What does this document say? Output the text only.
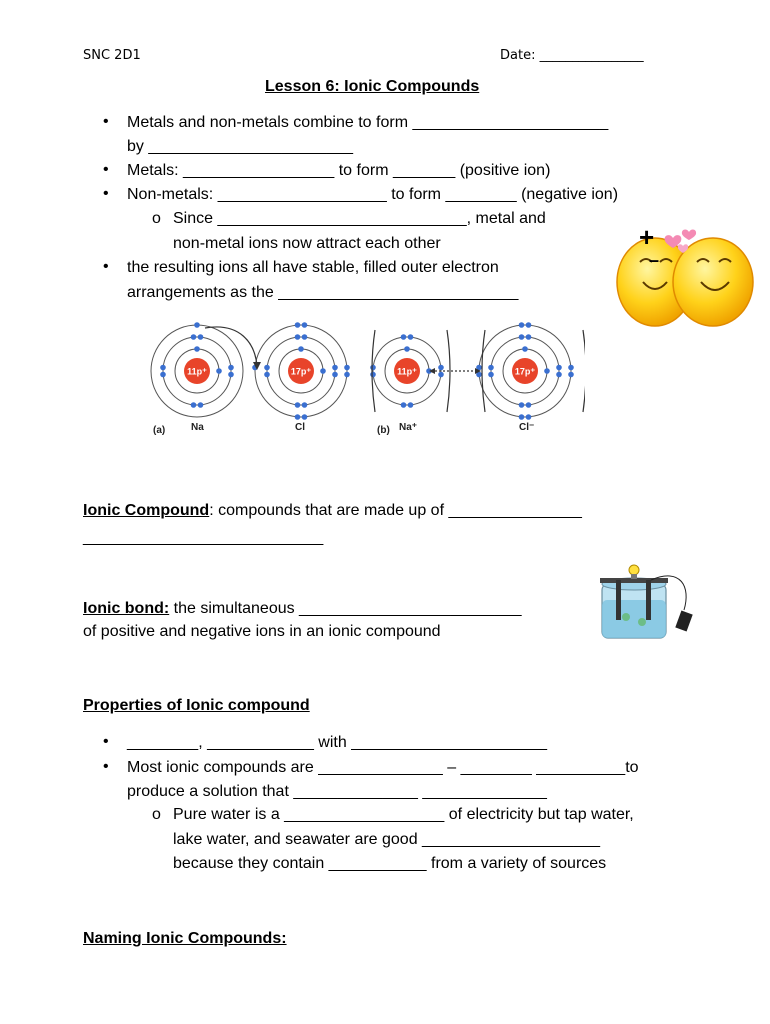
SNC 2D1	Date: ________________
Lesson 6: Ionic Compounds
• Metals and non-metals combine to form ______________________
by _______________________
• Metals: _________________ to form _______ (positive ion)
• Non-metals: ___________________ to form ________ (negative ion)
o Since ____________________________, metal and
non-metal ions now attract each other
• the resulting ions all have stable, filled outer electron
arrangements as the ___________________________
+
–
11p⁺	17p⁺	11p⁺	17p⁺
(a)	Na	Cl	(b) Na⁺	Cl⁻
Ionic Compound: compounds that are made up of _______________
___________________________
Ionic bond: the simultaneous _________________________
of positive and negative ions in an ionic compound
Properties of Ionic compound
• ________, ____________ with ______________________
• Most ionic compounds are ______________ – ________ __________to
produce a solution that ______________ ______________
o Pure water is a __________________ of electricity but tap water,
lake water, and seawater are good ____________________
because they contain ___________ from a variety of sources
Naming Ionic Compounds:
